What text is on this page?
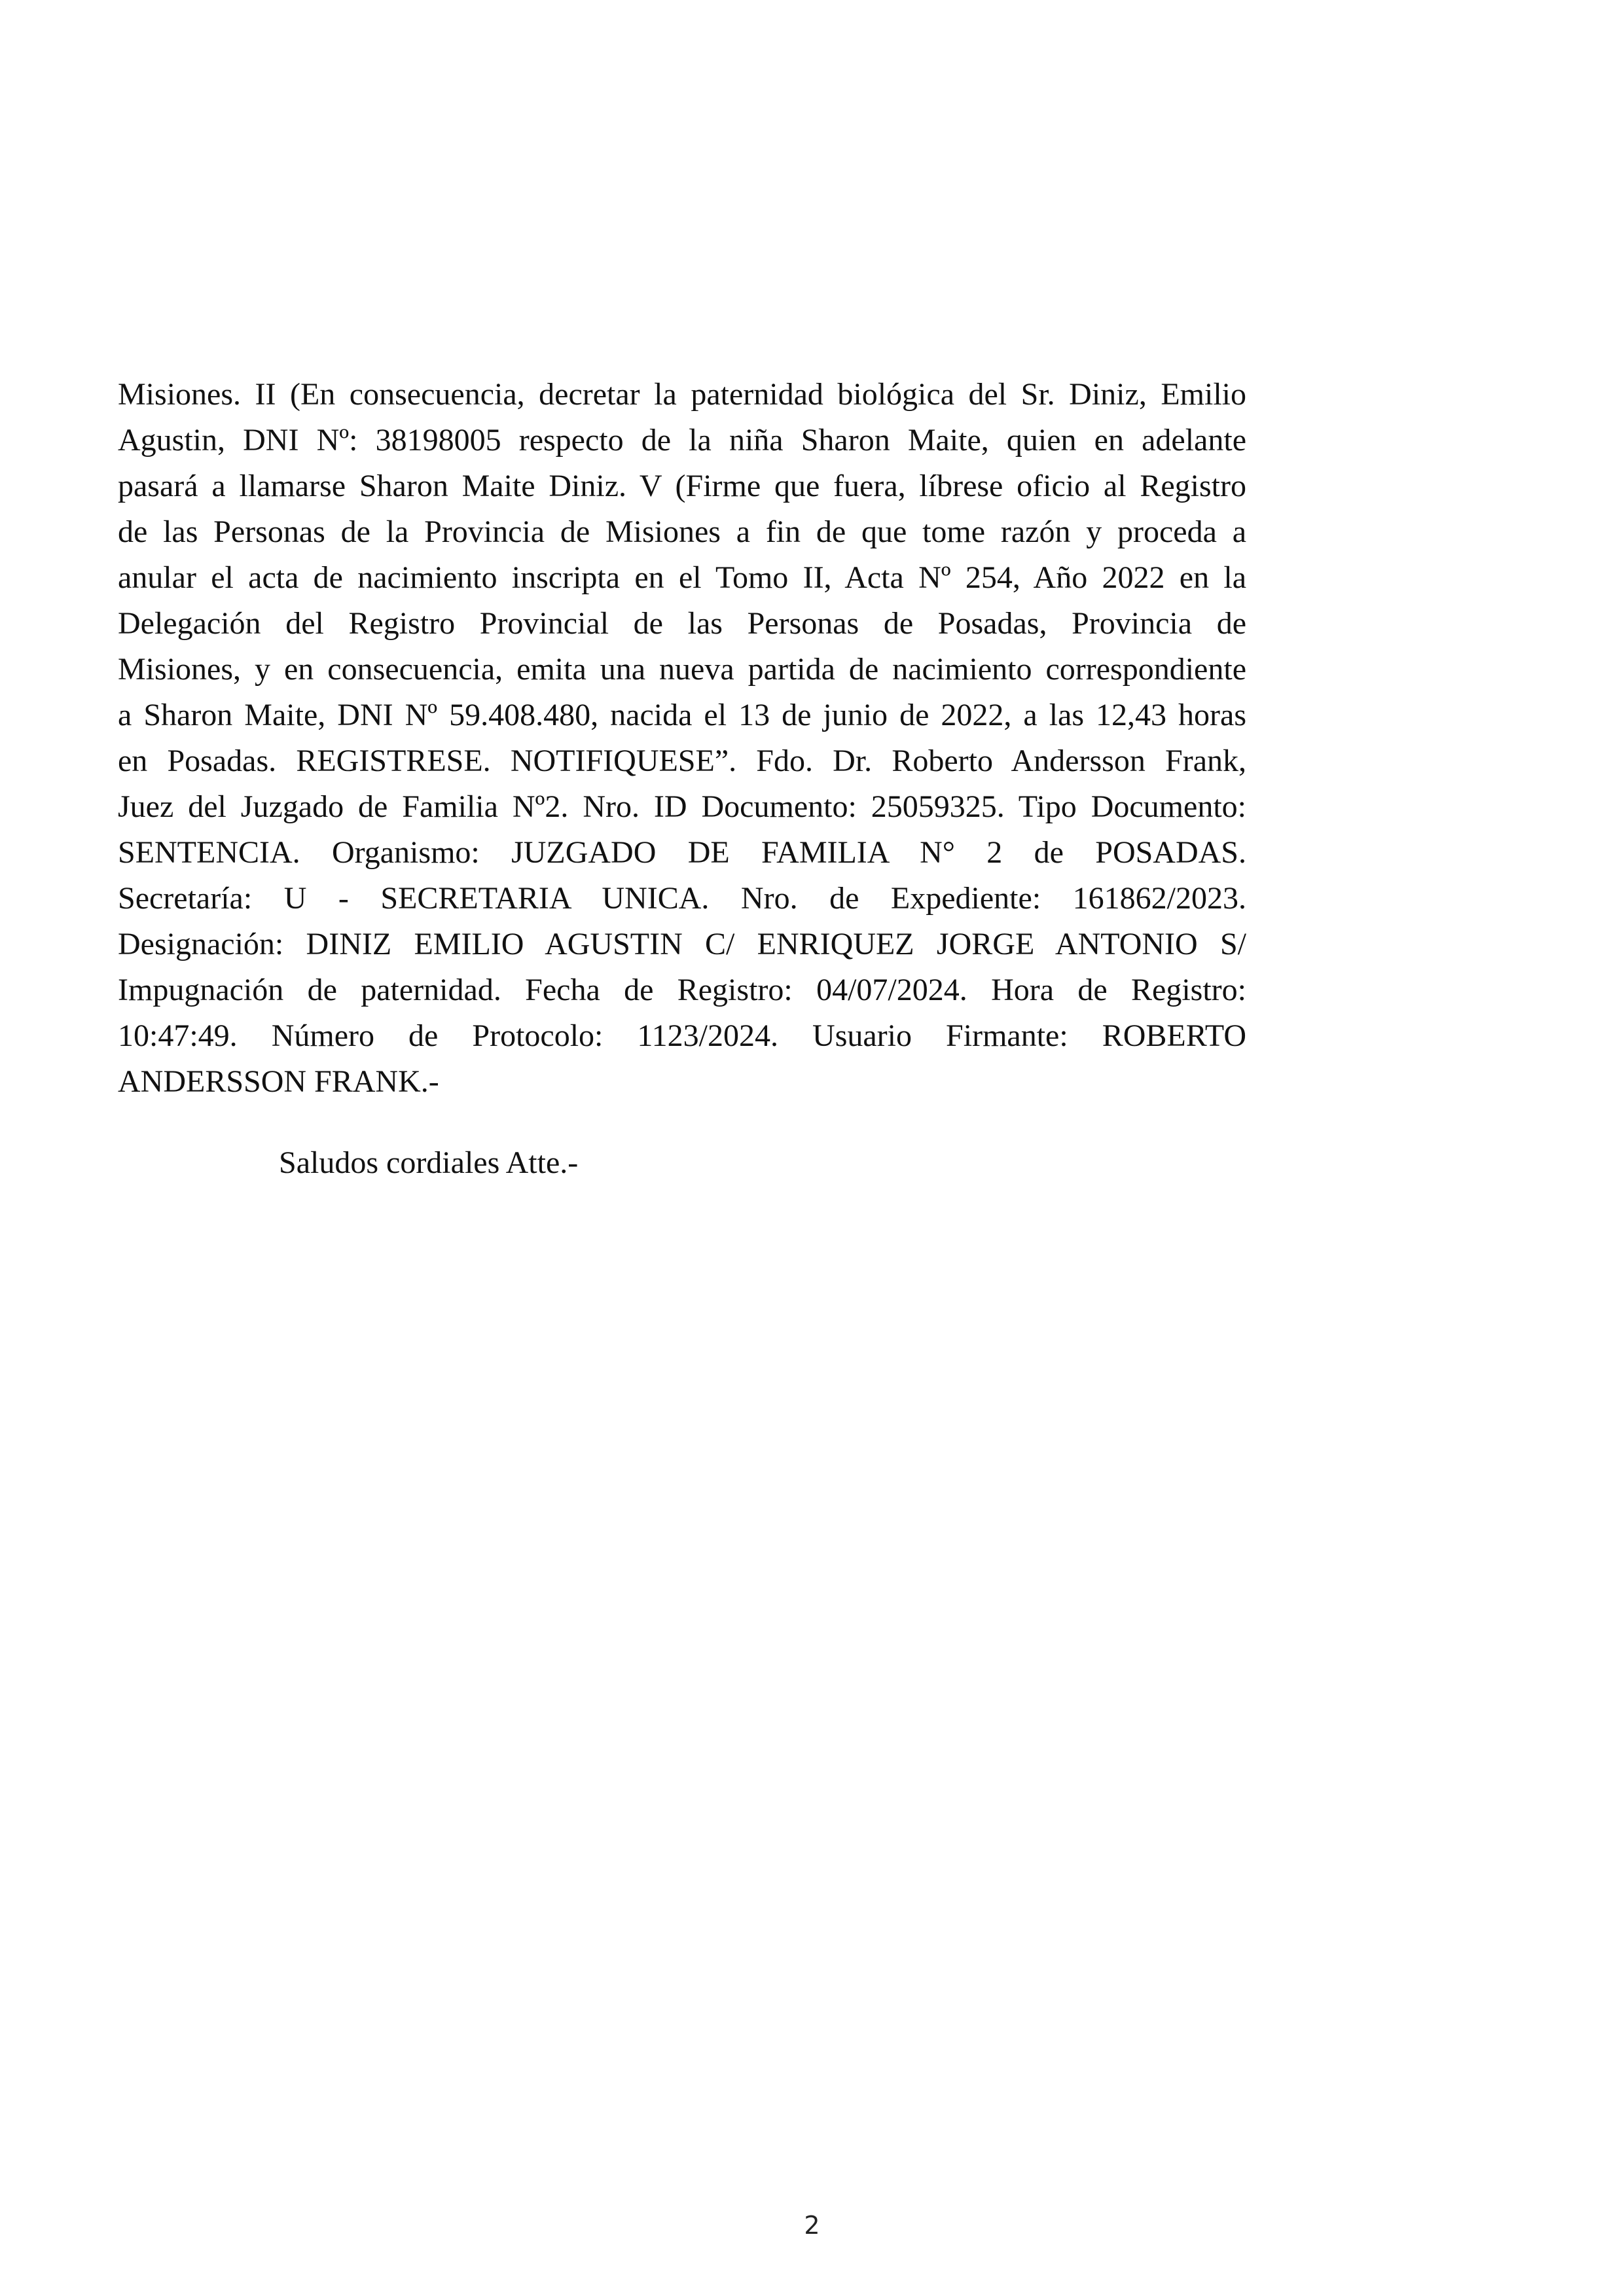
Misiones. II (En consecuencia, decretar la paternidad biológica del Sr. Diniz, Emilio
Agustin, DNI Nº: 38198005 respecto de la niña Sharon Maite, quien en adelante
pasará a llamarse Sharon Maite Diniz. V (Firme que fuera, líbrese oficio al Registro
de las Personas de la Provincia de Misiones a fin de que tome razón y proceda a
anular el acta de nacimiento inscripta en el Tomo II, Acta Nº 254, Año 2022 en la
Delegación del Registro Provincial de las Personas de Posadas, Provincia de
Misiones, y en consecuencia, emita una nueva partida de nacimiento correspondiente
a Sharon Maite, DNI Nº 59.408.480, nacida el 13 de junio de 2022, a las 12,43 horas
en Posadas. REGISTRESE. NOTIFIQUESE”. Fdo. Dr. Roberto Andersson Frank,
Juez del Juzgado de Familia Nº2. Nro. ID Documento: 25059325. Tipo Documento:
SENTENCIA. Organismo: JUZGADO DE FAMILIA N° 2 de POSADAS.
Secretaría: U - SECRETARIA UNICA. Nro. de Expediente: 161862/2023.
Designación: DINIZ EMILIO AGUSTIN C/ ENRIQUEZ JORGE ANTONIO S/
Impugnación de paternidad. Fecha de Registro: 04/07/2024. Hora de Registro:
10:47:49. Número de Protocolo: 1123/2024. Usuario Firmante: ROBERTO
ANDERSSON FRANK.-

Saludos cordiales Atte.-

2
